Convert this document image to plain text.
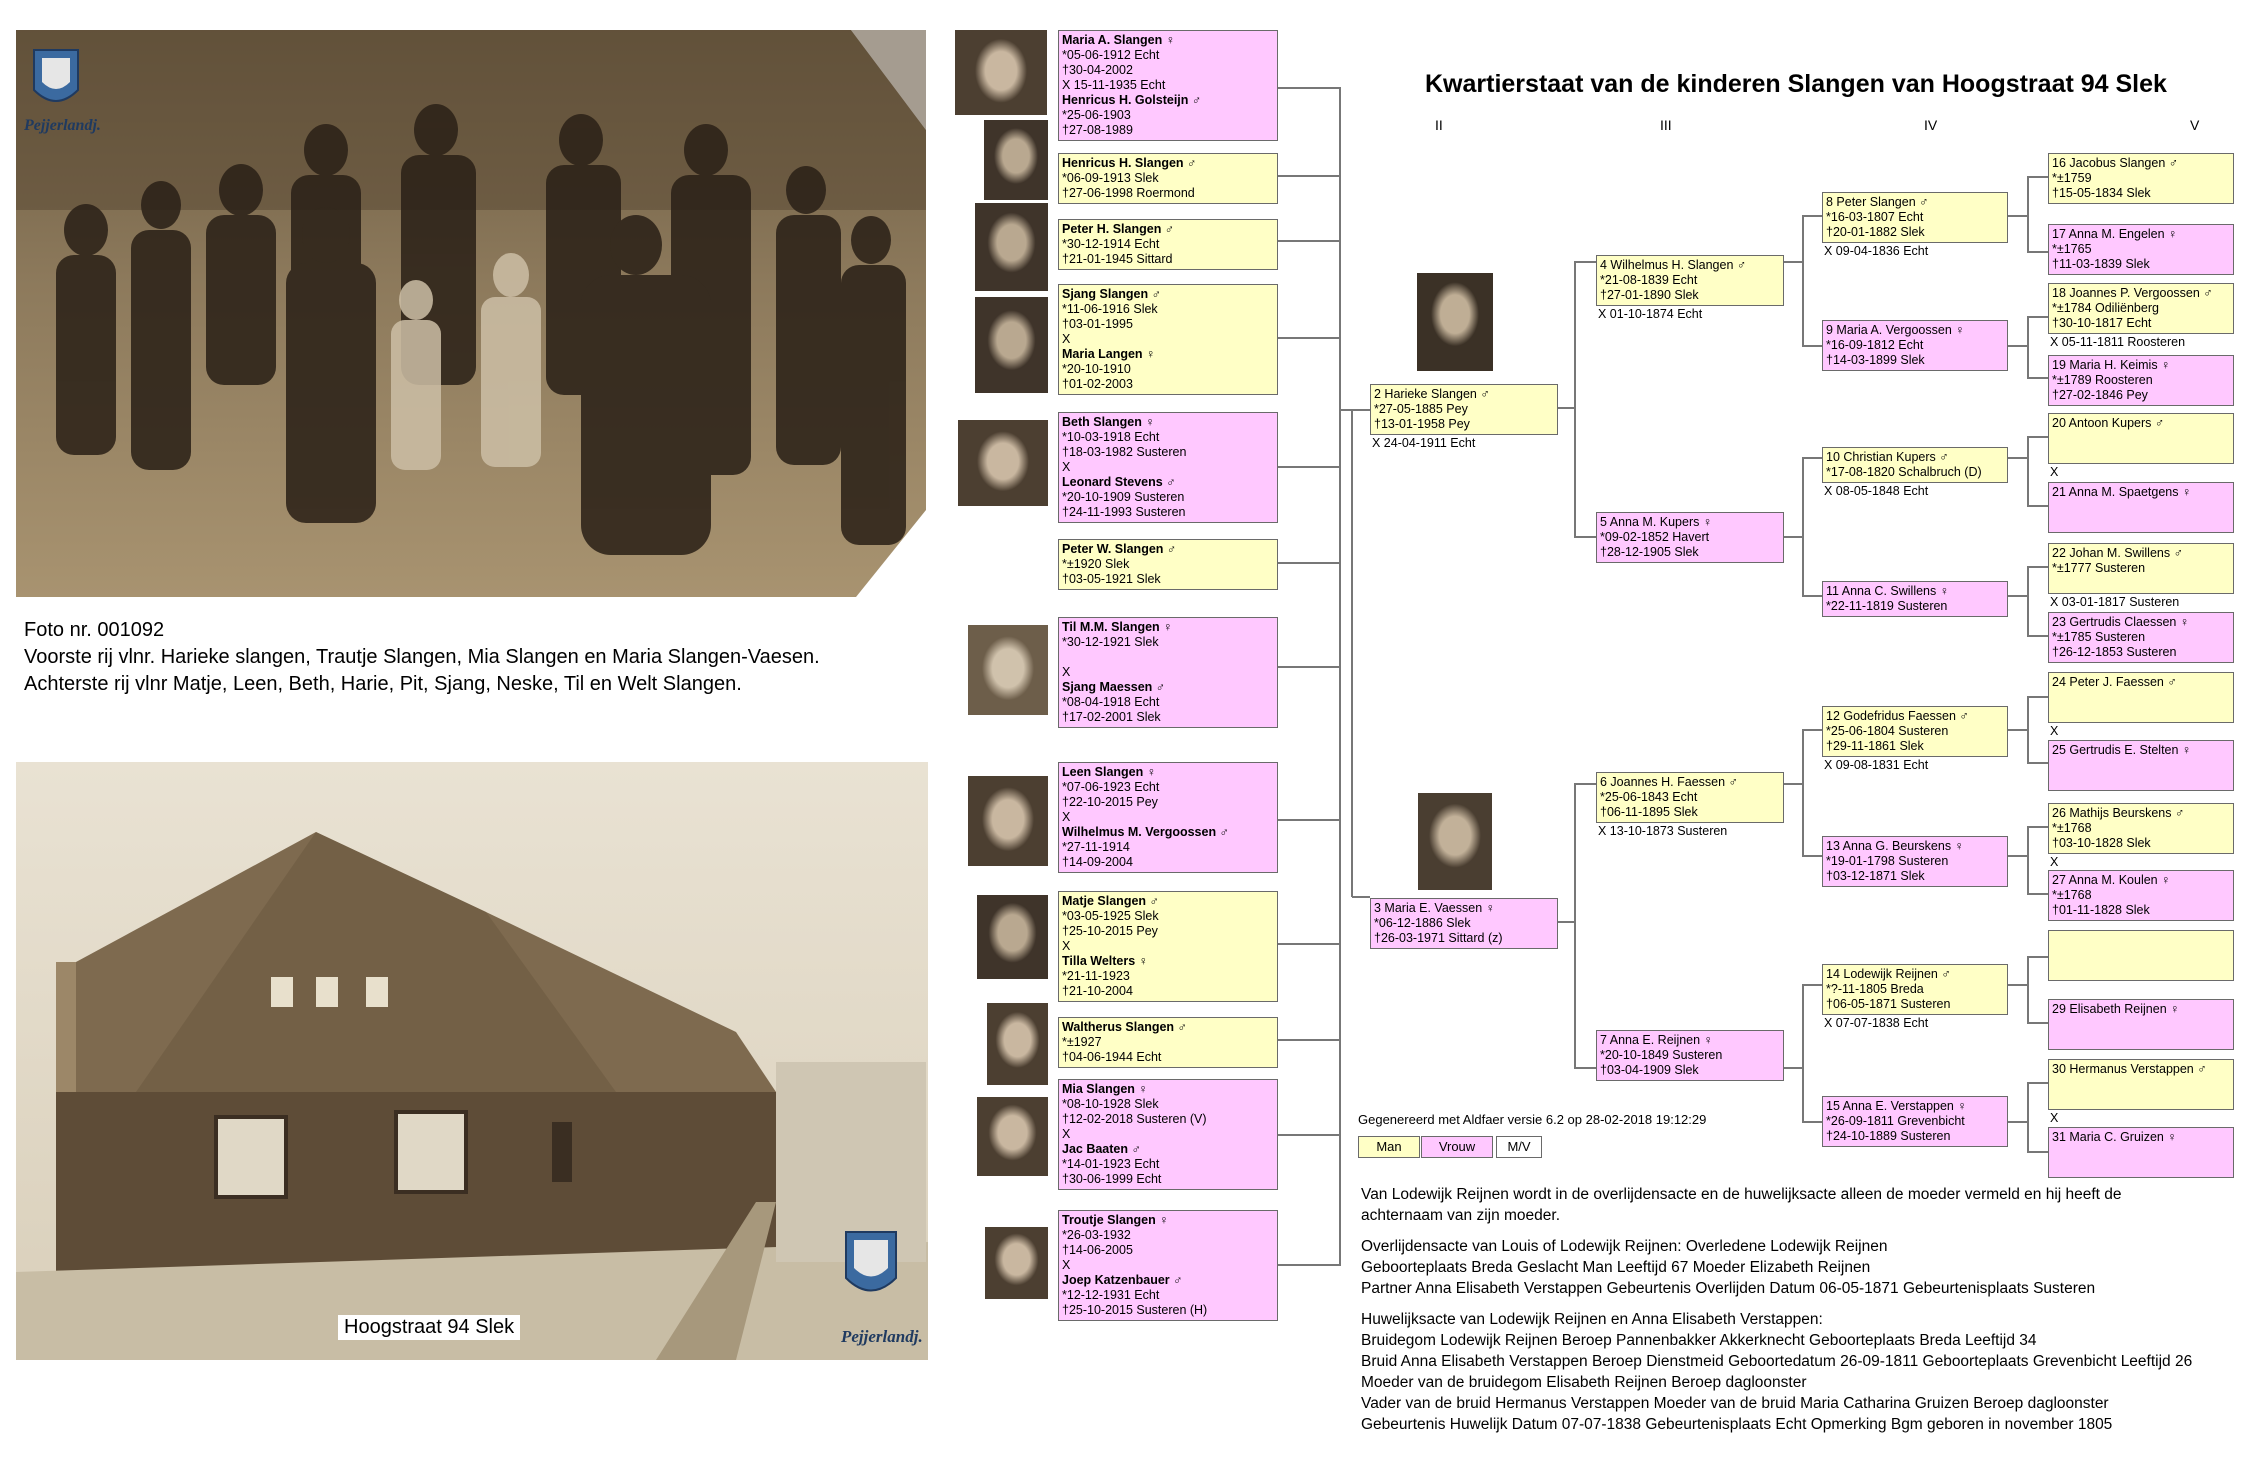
Pejjerlandj.
Foto nr. 001092
Voorste rij vlnr. Harieke slangen, Trautje Slangen, Mia Slangen en Maria Slangen-Vaesen.
Achterste rij vlnr Matje, Leen, Beth, Harie, Pit, Sjang, Neske, Til en Welt Slangen.
Pejjerlandj.
Hoogstraat 94 Slek
Maria A. Slangen ♀
*05-06-1912 Echt
†30-04-2002
X 15-11-1935 Echt
Henricus H. Golsteijn ♂
*25-06-1903
†27-08-1989
Henricus H. Slangen ♂
*06-09-1913 Slek
†27-06-1998 Roermond
Peter H. Slangen ♂
*30-12-1914 Echt
†21-01-1945 Sittard
Sjang Slangen ♂
*11-06-1916 Slek
†03-01-1995
X
Maria Langen ♀
*20-10-1910
†01-02-2003
Beth Slangen ♀
*10-03-1918 Echt
†18-03-1982 Susteren
X
Leonard Stevens ♂
*20-10-1909 Susteren
†24-11-1993 Susteren
Peter W. Slangen ♂
*±1920 Slek
†03-05-1921 Slek
Til M.M. Slangen ♀
*30-12-1921 Slek
X
Sjang Maessen ♂
*08-04-1918 Echt
†17-02-2001 Slek
Leen Slangen ♀
*07-06-1923 Echt
†22-10-2015 Pey
X
Wilhelmus M. Vergoossen ♂
*27-11-1914
†14-09-2004
Matje Slangen ♂
*03-05-1925 Slek
†25-10-2015 Pey
X
Tilla Welters ♀
*21-11-1923
†21-10-2004
Waltherus Slangen ♂
*±1927
†04-06-1944 Echt
Mia Slangen ♀
*08-10-1928 Slek
†12-02-2018 Susteren (V)
X
Jac Baaten ♂
*14-01-1923 Echt
†30-06-1999 Echt
Troutje Slangen ♀
*26-03-1932
†14-06-2005
X
Joep Katzenbauer ♂
*12-12-1931 Echt
†25-10-2015 Susteren (H)
Kwartierstaat van de kinderen Slangen van Hoogstraat 94 Slek
II	III	IV	V
2 Harieke Slangen ♂
*27-05-1885 Pey
†13-01-1958 Pey
X 24-04-1911 Echt
3 Maria E. Vaessen ♀
*06-12-1886 Slek
†26-03-1971 Sittard (z)
4 Wilhelmus H. Slangen ♂
*21-08-1839 Echt
†27-01-1890 Slek
X 01-10-1874 Echt
5 Anna M. Kupers ♀
*09-02-1852 Havert
†28-12-1905 Slek
6 Joannes H. Faessen ♂
*25-06-1843 Echt
†06-11-1895 Slek
X 13-10-1873 Susteren
7 Anna E. Reijnen ♀
*20-10-1849 Susteren
†03-04-1909 Slek
8 Peter Slangen ♂
*16-03-1807 Echt
†20-01-1882 Slek
X 09-04-1836 Echt
9 Maria A. Vergoossen ♀
*16-09-1812 Echt
†14-03-1899 Slek
10 Christian Kupers ♂
*17-08-1820 Schalbruch (D)
X 08-05-1848 Echt
11 Anna C. Swillens ♀
*22-11-1819 Susteren
12 Godefridus Faessen ♂
*25-06-1804 Susteren
†29-11-1861 Slek
X 09-08-1831 Echt
13 Anna G. Beurskens ♀
*19-01-1798 Susteren
†03-12-1871 Slek
14 Lodewijk Reijnen ♂
*?-11-1805 Breda
†06-05-1871 Susteren
X 07-07-1838 Echt
15 Anna E. Verstappen ♀
*26-09-1811 Grevenbicht
†24-10-1889 Susteren
16 Jacobus Slangen ♂
*±1759
†15-05-1834 Slek
17 Anna M. Engelen ♀
*±1765
†11-03-1839 Slek
18 Joannes P. Vergoossen ♂
*±1784 Odiliënberg
†30-10-1817 Echt
X 05-11-1811 Roosteren
19 Maria H. Keimis ♀
*±1789 Roosteren
†27-02-1846 Pey
20 Antoon Kupers ♂
X
21 Anna M. Spaetgens ♀
22 Johan M. Swillens ♂
*±1777 Susteren
X 03-01-1817 Susteren
23 Gertrudis Claessen ♀
*±1785 Susteren
†26-12-1853 Susteren
24 Peter J. Faessen ♂
X
25 Gertrudis E. Stelten ♀
26 Mathijs Beurskens ♂
*±1768
†03-10-1828 Slek
X
27 Anna M. Koulen ♀
*±1768
†01-11-1828 Slek
29 Elisabeth Reijnen ♀
30 Hermanus Verstappen ♂
X
31 Maria C. Gruizen ♀
Gegenereerd met Aldfaer versie 6.2 op 28-02-2018 19:12:29
Man	Vrouw	M/V
Van Lodewijk Reijnen wordt in de overlijdensacte en de huwelijksacte alleen de moeder vermeld en hij heeft de
achternaam van zijn moeder.
Overlijdensacte van Louis of Lodewijk Reijnen: Overledene Lodewijk Reijnen
Geboorteplaats Breda Geslacht Man Leeftijd 67 Moeder Elizabeth Reijnen
Partner Anna Elisabeth Verstappen Gebeurtenis Overlijden Datum 06-05-1871 Gebeurtenisplaats Susteren
Huwelijksacte van Lodewijk Reijnen en Anna Elisabeth Verstappen:
Bruidegom Lodewijk Reijnen Beroep Pannenbakker Akkerknecht Geboorteplaats Breda Leeftijd 34
Bruid Anna Elisabeth Verstappen Beroep Dienstmeid Geboortedatum 26-09-1811 Geboorteplaats Grevenbicht Leeftijd 26
Moeder van de bruidegom Elisabeth Reijnen Beroep dagloonster
Vader van de bruid Hermanus Verstappen Moeder van de bruid Maria Catharina Gruizen Beroep dagloonster
Gebeurtenis Huwelijk Datum 07-07-1838 Gebeurtenisplaats Echt Opmerking Bgm geboren in november 1805
